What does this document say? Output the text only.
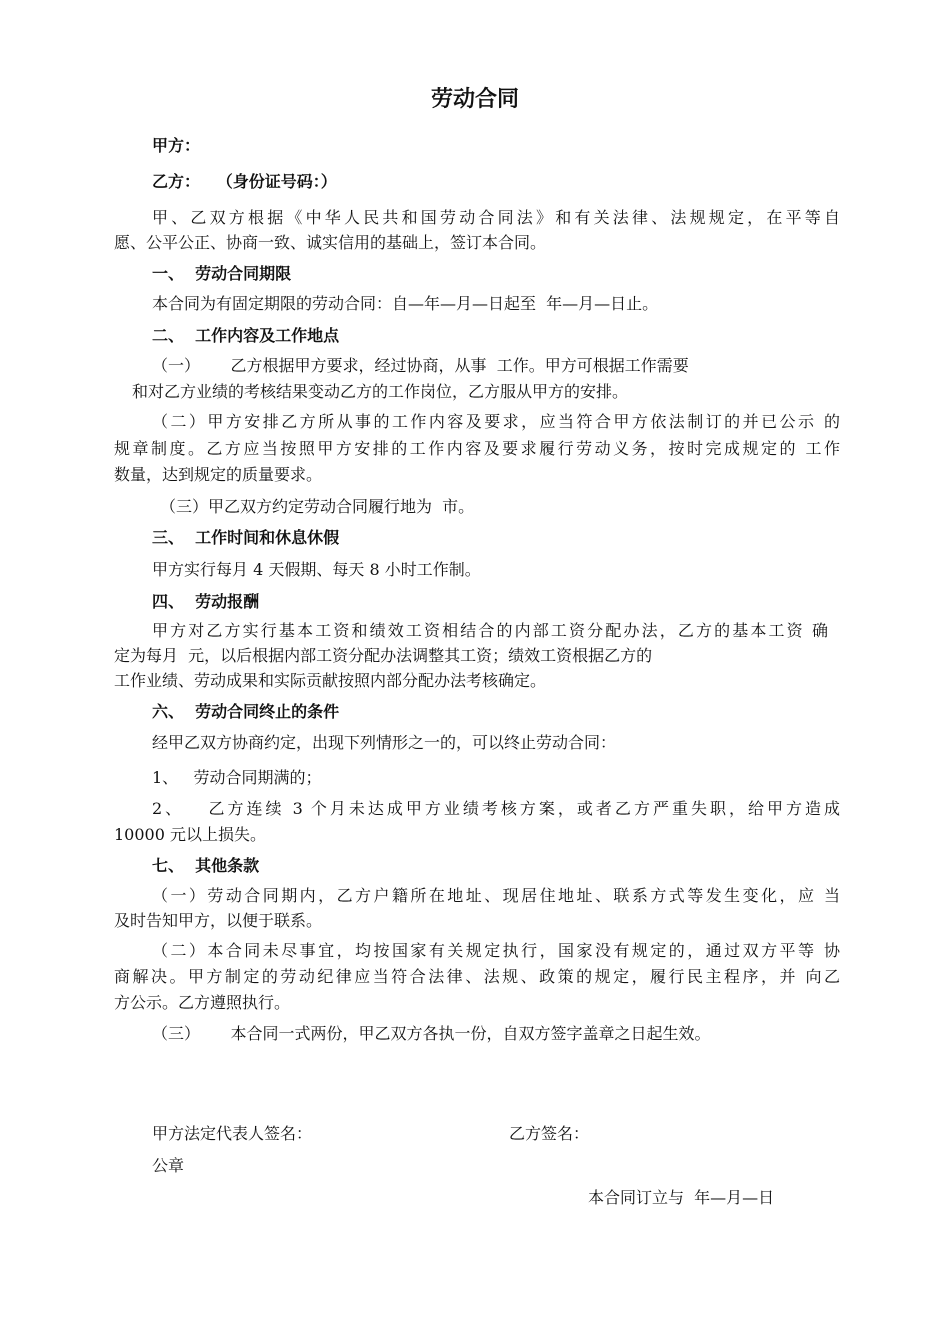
劳动合同
甲方：
乙方：   （身份证号码：）
甲、乙双方根据《中华人民共和国劳动合同法》和有关法律、法规规定，在平等自
愿、公平公正、协商一致、诚实信用的基础上，签订本合同。
一、  劳动合同期限
本合同为有固定期限的劳动合同：自—年—月—日起至  年—月—日止。
二、  工作内容及工作地点
（一）      乙方根据甲方要求，经过协商，从事  工作。甲方可根据工作需要
和对乙方业绩的考核结果变动乙方的工作岗位，乙方服从甲方的安排。
（二）甲方安排乙方所从事的工作内容及要求，应当符合甲方依法制订的并已公示 的
规章制度。乙方应当按照甲方安排的工作内容及要求履行劳动义务，按时完成规定的 工作
数量，达到规定的质量要求。
（三）甲乙双方约定劳动合同履行地为  市。
三、  工作时间和休息休假
甲方实行每月 4 天假期、每天 8 小时工作制。
四、  劳动报酬
甲方对乙方实行基本工资和绩效工资相结合的内部工资分配办法，乙方的基本工资 确
定为每月  元，以后根据内部工资分配办法调整其工资；绩效工资根据乙方的
工作业绩、劳动成果和实际贡献按照内部分配办法考核确定。
六、  劳动合同终止的条件
经甲乙双方协商约定，出现下列情形之一的，可以终止劳动合同：
1、   劳动合同期满的；
2、   乙方连续 3 个月未达成甲方业绩考核方案，或者乙方严重失职，给甲方造成
10000 元以上损失。
七、  其他条款
（一）劳动合同期内，乙方户籍所在地址、现居住地址、联系方式等发生变化，应 当
及时告知甲方，以便于联系。
（二）本合同未尽事宜，均按国家有关规定执行，国家没有规定的，通过双方平等 协
商解决。甲方制定的劳动纪律应当符合法律、法规、政策的规定，履行民主程序，并 向乙
方公示。乙方遵照执行。
（三）      本合同一式两份，甲乙双方各执一份，自双方签字盖章之日起生效。
甲方法定代表人签名：	乙方签名：
公章
本合同订立与  年—月—日
